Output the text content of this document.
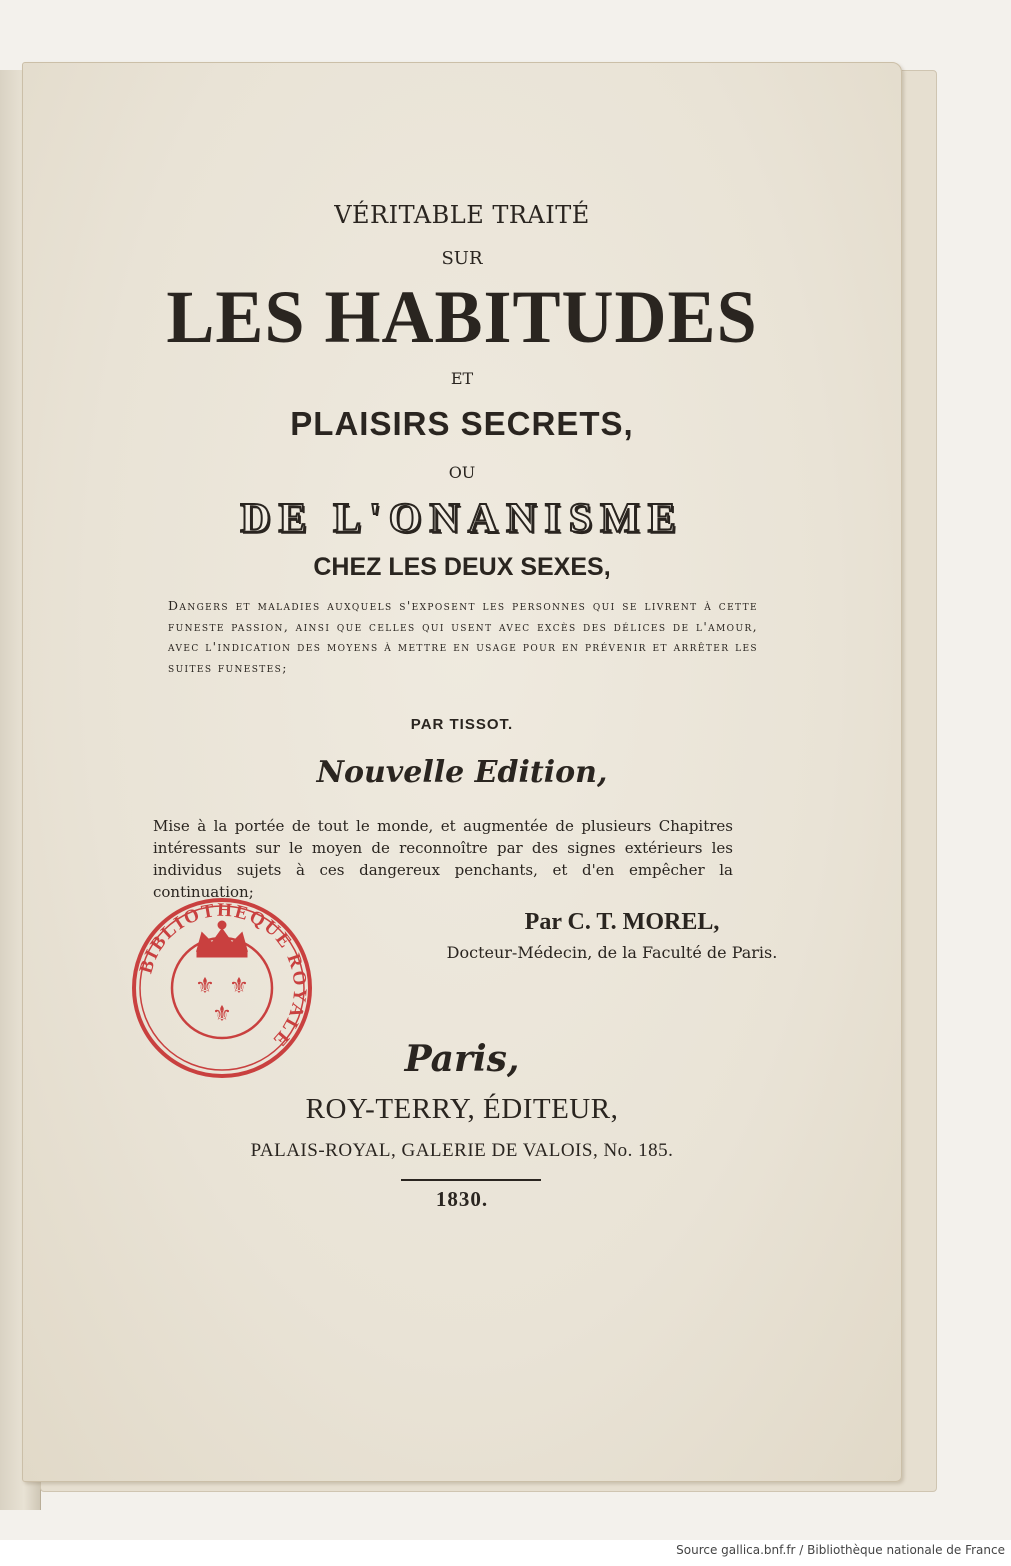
VÉRITABLE TRAITÉ

SUR

LES HABITUDES

ET

PLAISIRS SECRETS,

OU

DE L'ONANISME

CHEZ LES DEUX SEXES,

Dangers et maladies auxquels s'exposent les personnes qui se livrent à cette funeste passion, ainsi que celles qui usent avec excès des délices de l'amour, avec l'indication des moyens à mettre en usage pour en prévenir et arrêter les suites funestes;

PAR TISSOT.

Nouvelle Edition,

Mise à la portée de tout le monde, et augmentée de plusieurs Chapitres intéressants sur le moyen de reconnoître par des signes extérieurs les individus sujets à ces dangereux penchants, et d'en empêcher la continuation;

Par C. T. MOREL,

Docteur-Médecin, de la Faculté de Paris.

Paris,

ROY-TERRY, ÉDITEUR,

PALAIS-ROYAL, GALERIE DE VALOIS, No. 185.

1830.

BIBLIOTHEQUE ROYALE
⚜ ⚜
⚜
Source gallica.bnf.fr / Bibliothèque nationale de France
